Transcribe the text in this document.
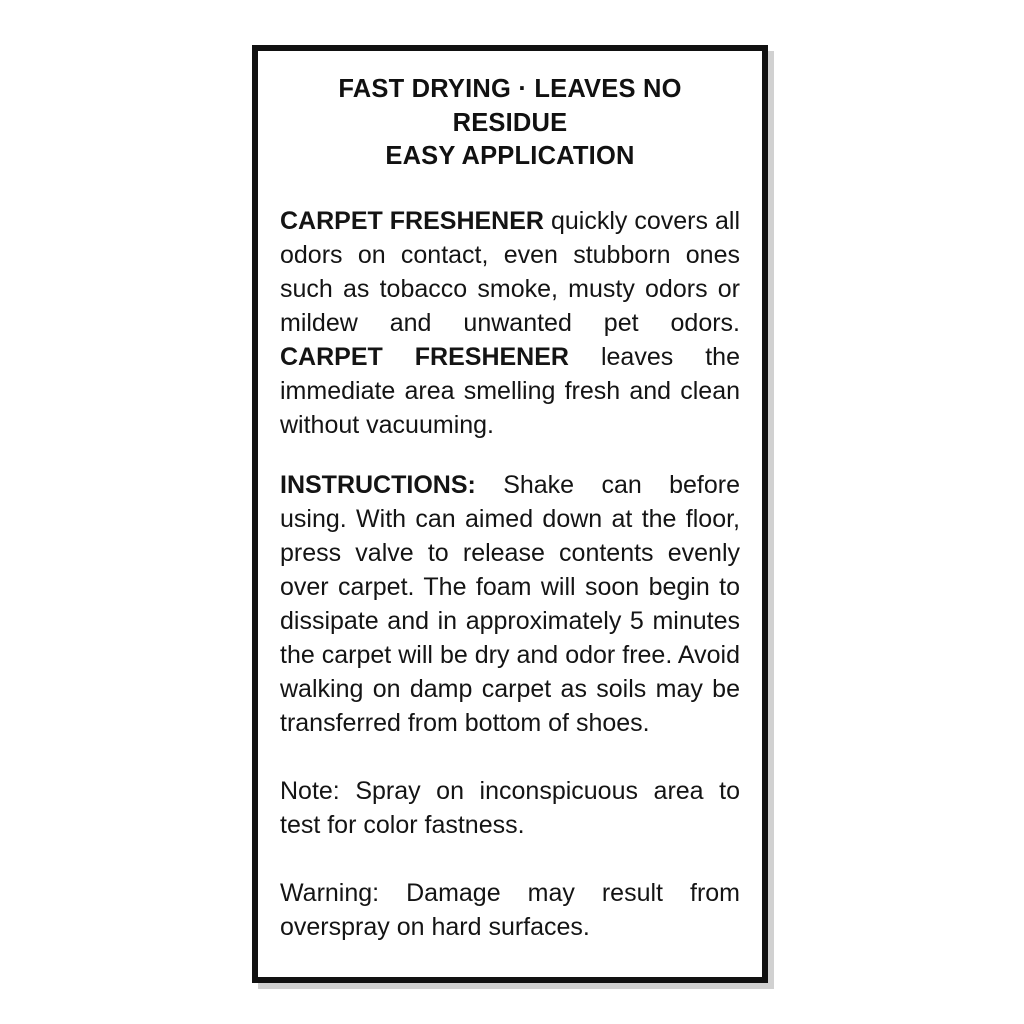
FAST DRYING · LEAVES NO RESIDUE
EASY APPLICATION

CARPET FRESHENER quickly covers all odors on contact, even stubborn ones such as tobacco smoke, musty odors or mildew and unwanted pet odors. CARPET FRESHENER leaves the immediate area smelling fresh and clean without vacuuming.

INSTRUCTIONS: Shake can before using. With can aimed down at the floor, press valve to release contents evenly over carpet. The foam will soon begin to dissipate and in approximately 5 minutes the carpet will be dry and odor free. Avoid walking on damp carpet as soils may be transferred from bottom of shoes.

Note: Spray on inconspicuous area to test for color fastness.

Warning: Damage may result from overspray on hard surfaces.
